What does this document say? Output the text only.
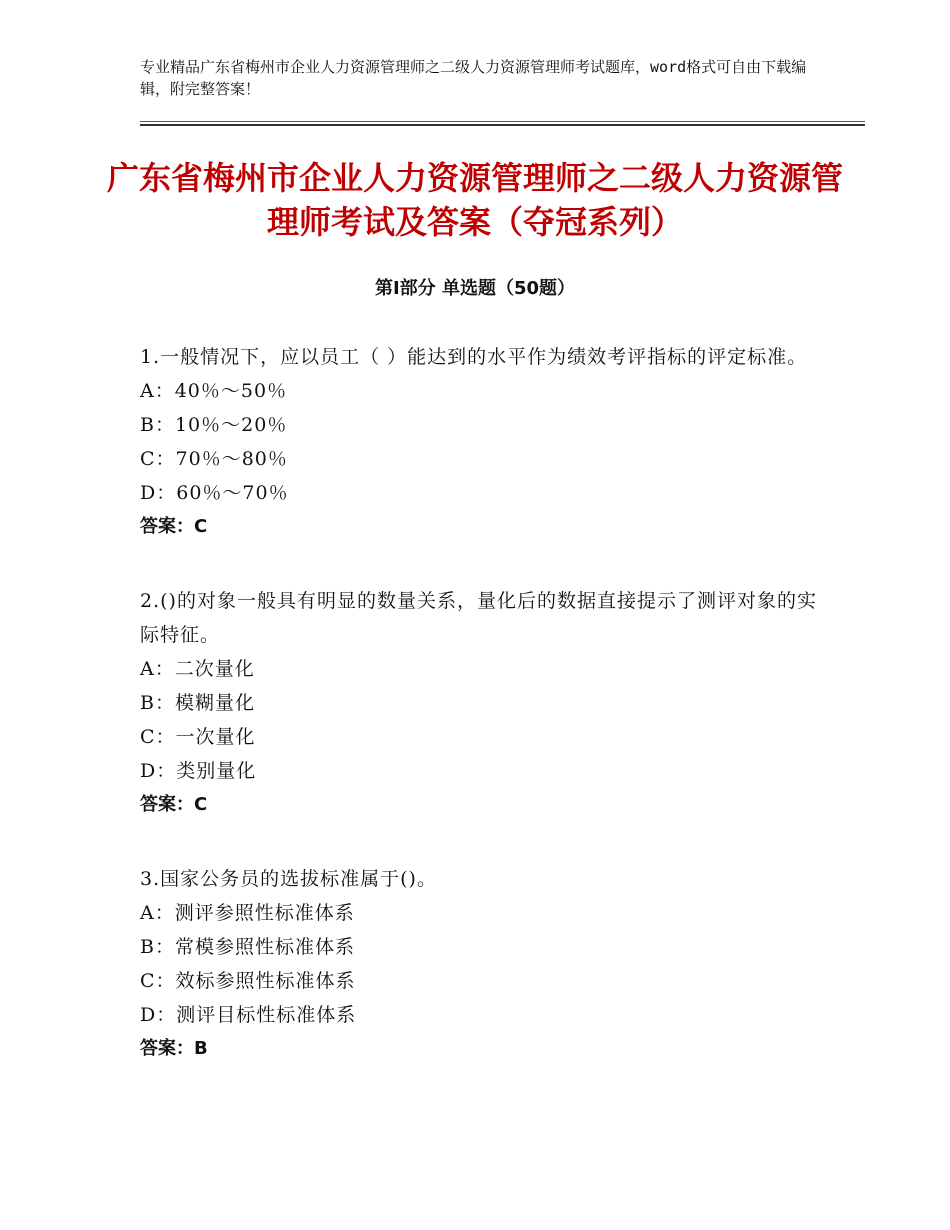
专业精品广东省梅州市企业人力资源管理师之二级人力资源管理师考试题库，word格式可自由下载编辑，附完整答案！
广东省梅州市企业人力资源管理师之二级人力资源管理师考试及答案（夺冠系列）
第Ⅰ部分 单选题（50题）
1.一般情况下，应以员工（ ）能达到的水平作为绩效考评指标的评定标准。
A：40％～50％
B：10％～20％
C：70％～80％
D：60％～70％
答案：C
2.()的对象一般具有明显的数量关系，量化后的数据直接提示了测评对象的实际特征。
A：二次量化
B：模糊量化
C：一次量化
D：类别量化
答案：C
3.国家公务员的选拔标准属于()。
A：测评参照性标准体系
B：常模参照性标准体系
C：效标参照性标准体系
D：测评目标性标准体系
答案：B
